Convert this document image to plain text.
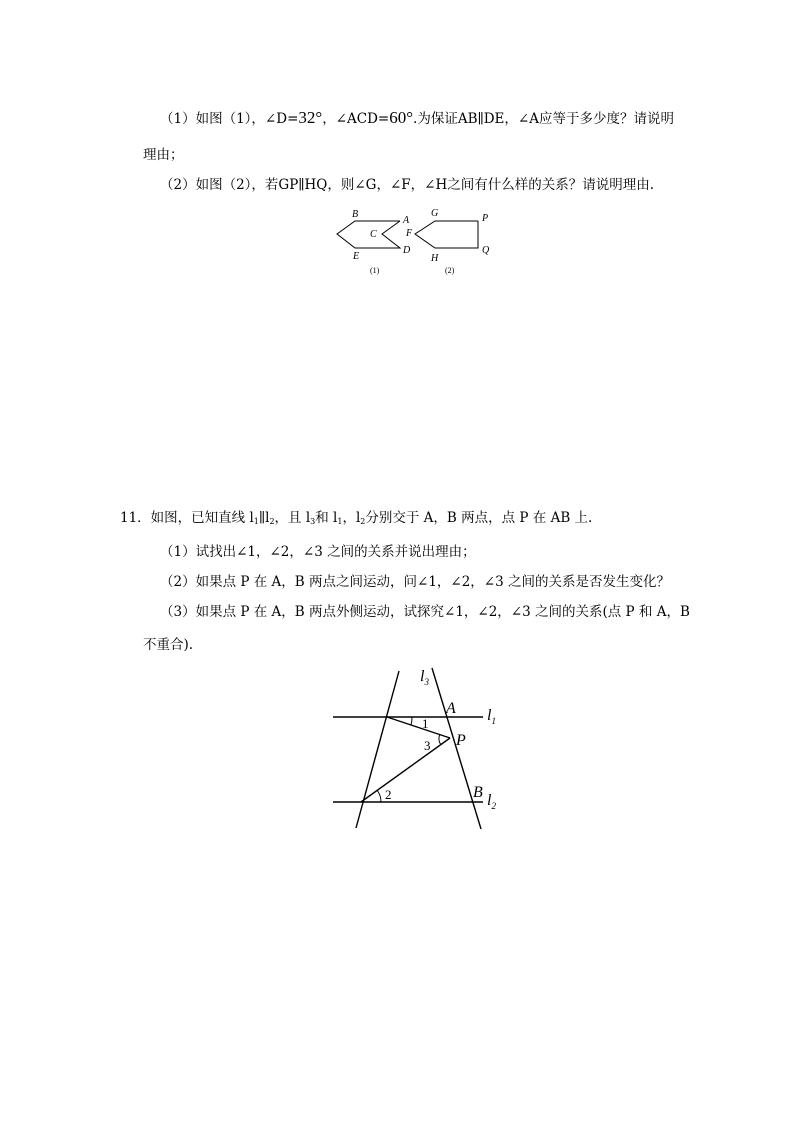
（1）如图（1），∠D=32°，∠ACD=60°.为保证AB∥DE，∠A应等于多少度？请说明
理由；
（2）如图（2），若GP∥HQ，则∠G，∠F，∠H之间有什么样的关系？请说明理由.
B
A
C
D
E
(1)
G	P
F
H
Q
(2)
11．如图，已知直线 $l_1\parallel l_2$，且 $l_3$和 $l_1$，$l_2$分别交于 A，B 两点，点 P 在 AB 上.
（1）试找出∠1，∠2，∠3 之间的关系并说出理由；
（2）如果点 P 在 A，B 两点之间运动，问∠1，∠2，∠3 之间的关系是否发生变化？
（3）如果点 P 在 A，B 两点外侧运动，试探究∠1，∠2，∠3 之间的关系(点 P 和 A，B
不重合).
$l_3$
$l_1$
$l_2$
A
P
B
1
2
3
